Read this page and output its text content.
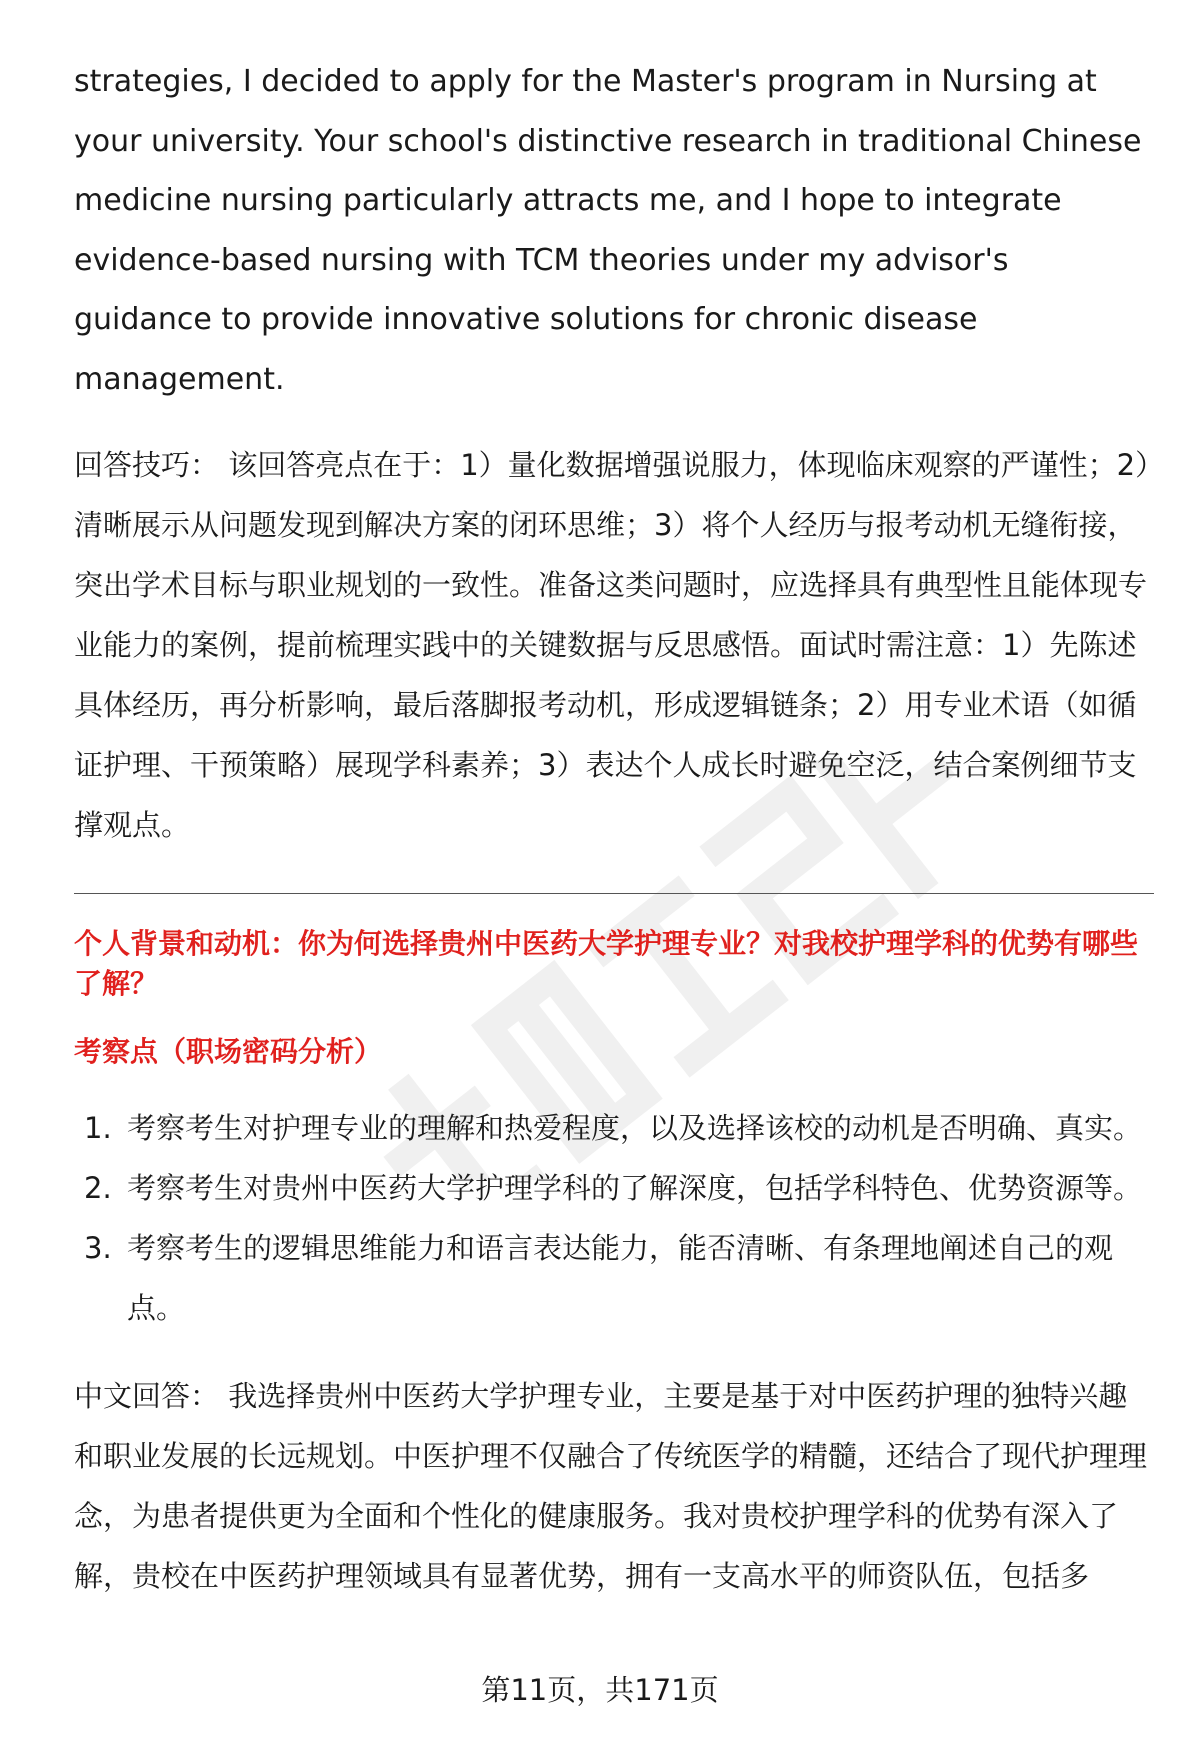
strategies, I decided to apply for the Master's program in Nursing at your university. Your school's distinctive research in traditional Chinese medicine nursing particularly attracts me, and I hope to integrate evidence-based nursing with TCM theories under my advisor's guidance to provide innovative solutions for chronic disease management.

回答技巧： 该回答亮点在于：1）量化数据增强说服力，体现临床观察的严谨性；2）清晰展示从问题发现到解决方案的闭环思维；3）将个人经历与报考动机无缝衔接，突出学术目标与职业规划的一致性。准备这类问题时，应选择具有典型性且能体现专业能力的案例，提前梳理实践中的关键数据与反思感悟。面试时需注意：1）先陈述具体经历，再分析影响，最后落脚报考动机，形成逻辑链条；2）用专业术语（如循证护理、干预策略）展现学科素养；3）表达个人成长时避免空泛，结合案例细节支撑观点。

个人背景和动机：你为何选择贵州中医药大学护理专业？对我校护理学科的优势有哪些了解？
考察点（职场密码分析）
1. 考察考生对护理专业的理解和热爱程度，以及选择该校的动机是否明确、真实。
2. 考察考生对贵州中医药大学护理学科的了解深度，包括学科特色、优势资源等。
3. 考察考生的逻辑思维能力和语言表达能力，能否清晰、有条理地阐述自己的观点。

中文回答： 我选择贵州中医药大学护理专业，主要是基于对中医药护理的独特兴趣和职业发展的长远规划。中医护理不仅融合了传统医学的精髓，还结合了现代护理理念，为患者提供更为全面和个性化的健康服务。我对贵校护理学科的优势有深入了解，贵校在中医药护理领域具有显著优势，拥有一支高水平的师资队伍，包括多

第11页，共171页
